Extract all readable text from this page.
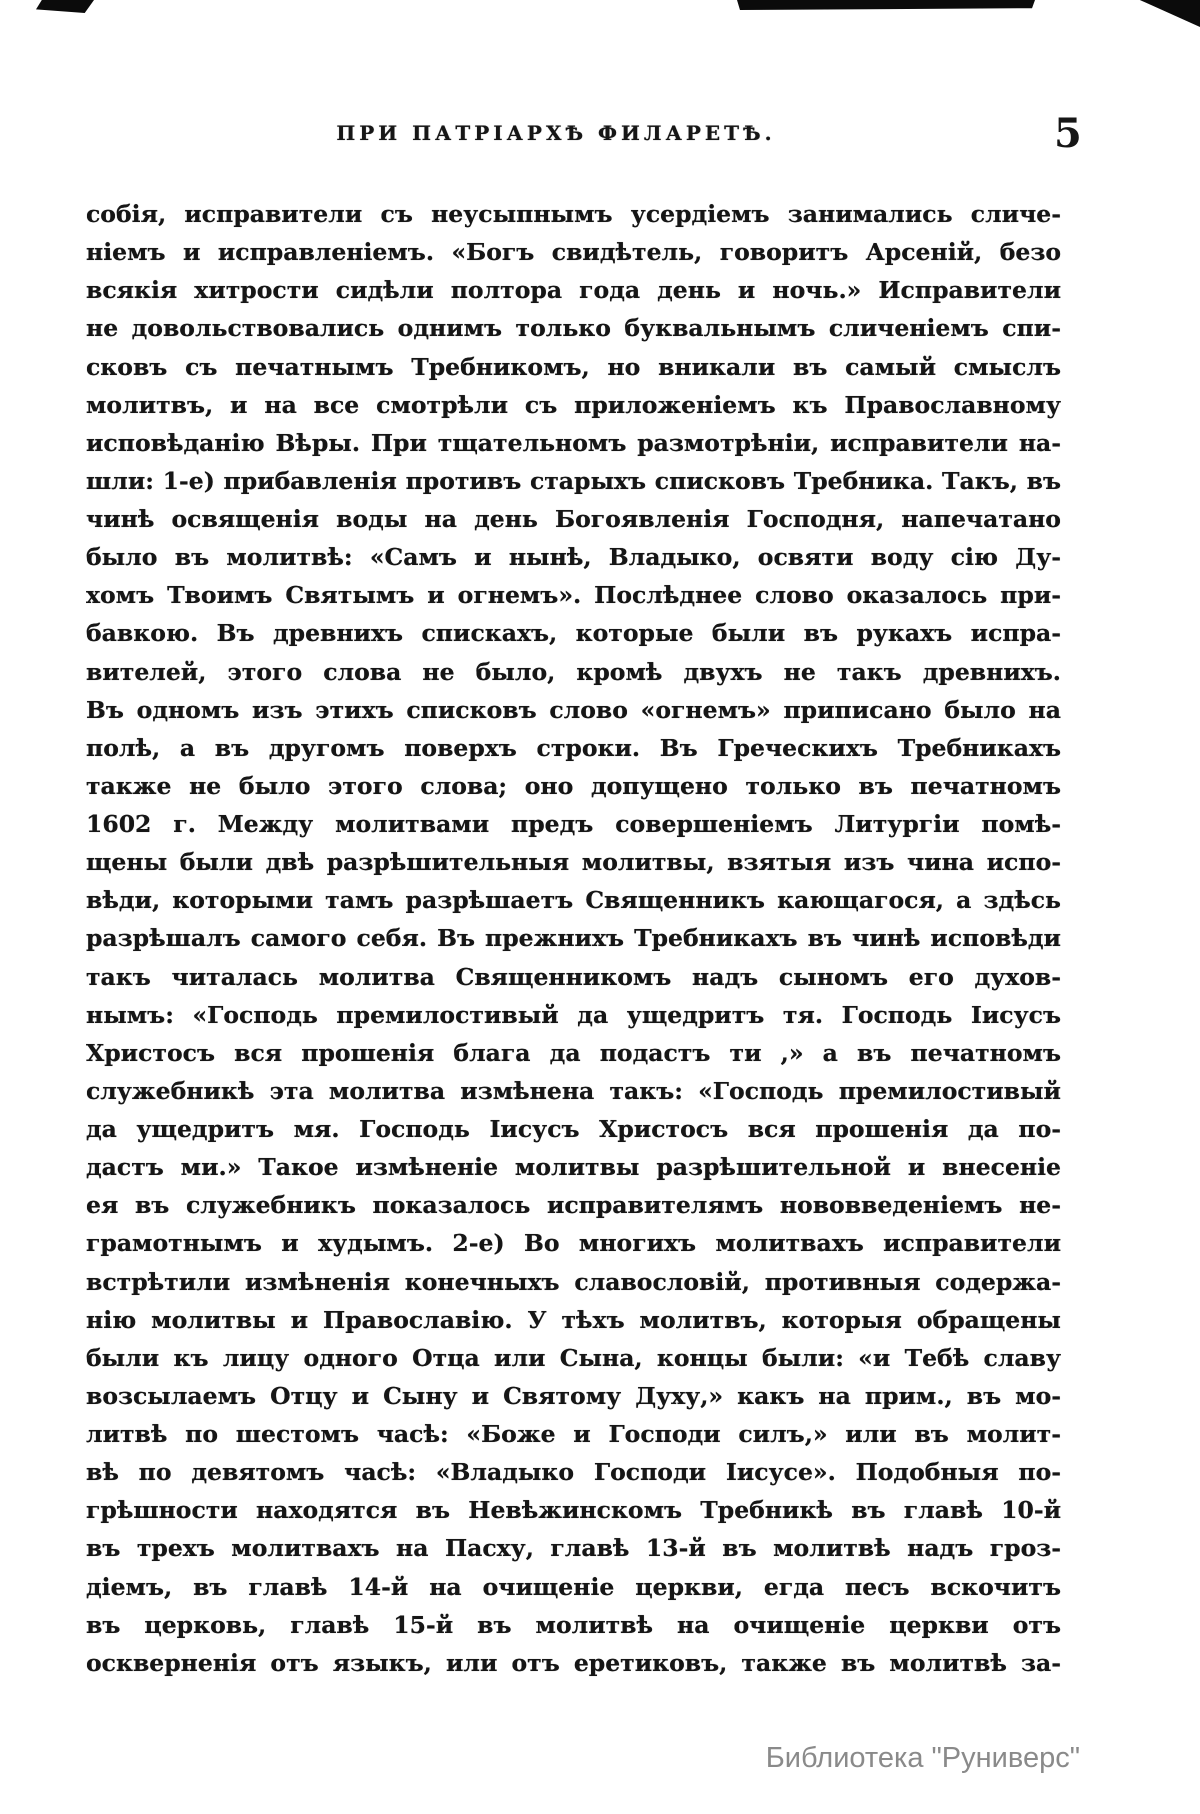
ПРИ ПАТРІАРХѢ ФИЛАРЕТѢ.	5
собія, исправители съ неусыпнымъ усердіемъ занимались сличе-
ніемъ и исправленіемъ. «Богъ свидѣтель, говоритъ Арсеній, безо
всякія хитрости сидѣли полтора года день и ночь.» Исправители
не довольствовались однимъ только буквальнымъ сличеніемъ спи-
сковъ съ печатнымъ Требникомъ, но вникали въ самый смыслъ
молитвъ, и на все смотрѣли съ приложеніемъ къ Православному
исповѣданію Вѣры. При тщательномъ размотрѣніи, исправители на-
шли: 1-е) прибавленія противъ старыхъ списковъ Требника. Такъ, въ
чинѣ освященія воды на день Богоявленія Господня, напечатано
было въ молитвѣ: «Самъ и нынѣ, Владыко, освяти воду сію Ду-
хомъ Твоимъ Святымъ и огнемъ». Послѣднее слово оказалось при-
бавкою. Въ древнихъ спискахъ, которые были въ рукахъ испра-
вителей, этого слова не было, кромѣ двухъ не такъ древнихъ.
Въ одномъ изъ этихъ списковъ слово «огнемъ» приписано было на
полѣ, а въ другомъ поверхъ строки. Въ Греческихъ Требникахъ
также не было этого слова; оно допущено только въ печатномъ
1602 г. Между молитвами предъ совершеніемъ Литургіи помѣ-
щены были двѣ разрѣшительныя молитвы, взятыя изъ чина испо-
вѣди, которыми тамъ разрѣшаетъ Священникъ кающагося, а здѣсь
разрѣшалъ самого себя. Въ прежнихъ Требникахъ въ чинѣ исповѣди
такъ читалась молитва Священникомъ надъ сыномъ его духов-
нымъ: «Господь премилостивый да ущедритъ тя. Господь Іисусъ
Христосъ вся прошенія блага да подастъ ти ,» а въ печатномъ
служебникѣ эта молитва измѣнена такъ: «Господь премилостивый
да ущедритъ мя. Господь Іисусъ Христосъ вся прошенія да по-
дастъ ми.» Такое измѣненіе молитвы разрѣшительной и внесеніе
ея въ служебникъ показалось исправителямъ нововведеніемъ не-
грамотнымъ и худымъ. 2-е) Во многихъ молитвахъ исправители
встрѣтили измѣненія конечныхъ славословій, противныя содержа-
нію молитвы и Православію. У тѣхъ молитвъ, которыя обращены
были къ лицу одного Отца или Сына, концы были: «и Тебѣ славу
возсылаемъ Отцу и Сыну и Святому Духу,» какъ на прим., въ мо-
литвѣ по шестомъ часѣ: «Боже и Господи силъ,» или въ молит-
вѣ по девятомъ часѣ: «Владыко Господи Іисусе». Подобныя по-
грѣшности находятся въ Невѣжинскомъ Требникѣ въ главѣ 10-й
въ трехъ молитвахъ на Пасху, главѣ 13-й въ молитвѣ надъ гроз-
діемъ, въ главѣ 14-й на очищеніе церкви, егда песъ вскочитъ
въ церковь, главѣ 15-й въ молитвѣ на очищеніе церкви отъ
оскверненія отъ языкъ, или отъ еретиковъ, также въ молитвѣ за-
Библиотека "Руниверс"
